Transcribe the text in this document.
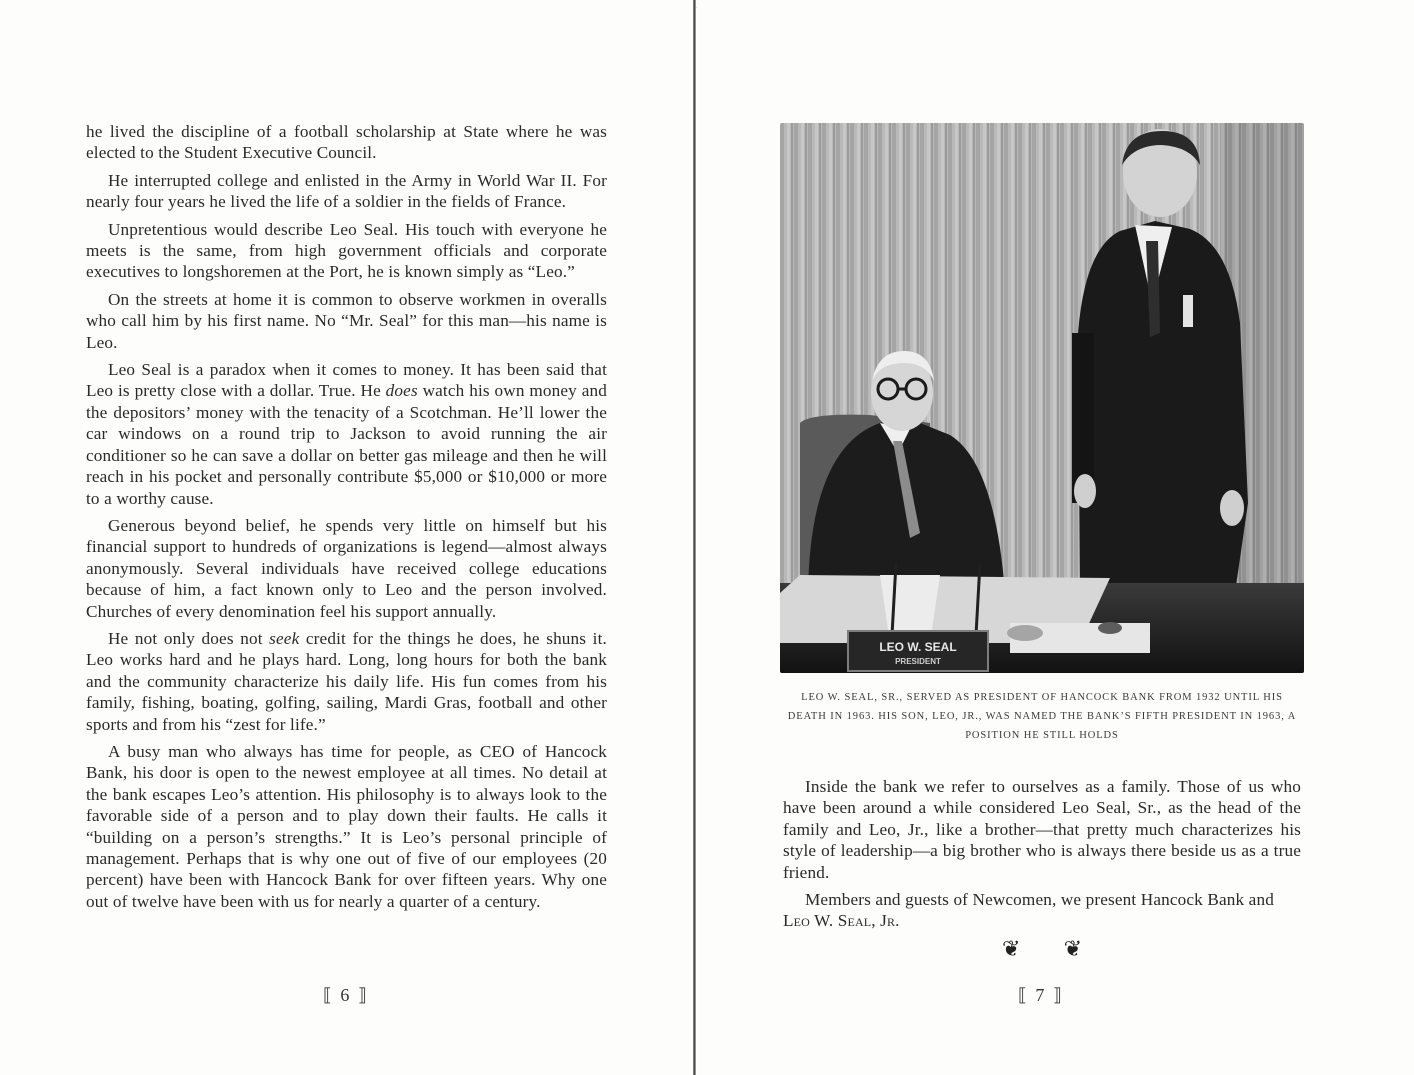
he lived the discipline of a football scholarship at State where he was elected to the Student Executive Council.

He interrupted college and enlisted in the Army in World War II. For nearly four years he lived the life of a soldier in the fields of France.

Unpretentious would describe Leo Seal. His touch with everyone he meets is the same, from high government officials and corporate executives to longshoremen at the Port, he is known simply as “Leo.”

On the streets at home it is common to observe workmen in overalls who call him by his first name. No “Mr. Seal” for this man—his name is Leo.

Leo Seal is a paradox when it comes to money. It has been said that Leo is pretty close with a dollar. True. He does watch his own money and the depositors’ money with the tenacity of a Scotchman. He’ll lower the car windows on a round trip to Jackson to avoid running the air conditioner so he can save a dollar on better gas mileage and then he will reach in his pocket and personally contribute $5,000 or $10,000 or more to a worthy cause.

Generous beyond belief, he spends very little on himself but his financial support to hundreds of organizations is legend—almost always anonymously. Several individuals have received college educations because of him, a fact known only to Leo and the person involved. Churches of every denomination feel his support annually.

He not only does not seek credit for the things he does, he shuns it. Leo works hard and he plays hard. Long, long hours for both the bank and the community characterize his daily life. His fun comes from his family, fishing, boating, golfing, sailing, Mardi Gras, football and other sports and from his “zest for life.”

A busy man who always has time for people, as CEO of Hancock Bank, his door is open to the newest employee at all times. No detail at the bank escapes Leo’s attention. His philosophy is to always look to the favorable side of a person and to play down their faults. He calls it “building on a person’s strengths.” It is Leo’s personal principle of management. Perhaps that is why one out of five of our employees (20 percent) have been with Hancock Bank for over fifteen years. Why one out of twelve have been with us for nearly a quarter of a century.

⟦ 6 ⟧
LEO W. SEAL
PRESIDENT
LEO W. SEAL, SR., SERVED AS PRESIDENT OF HANCOCK BANK FROM 1932 UNTIL HIS DEATH IN 1963. HIS SON, LEO, JR., WAS NAMED THE BANK’S FIFTH PRESIDENT IN 1963, A POSITION HE STILL HOLDS

Inside the bank we refer to ourselves as a family. Those of us who have been around a while considered Leo Seal, Sr., as the head of the family and Leo, Jr., like a brother—that pretty much characterizes his style of leadership—a big brother who is always there beside us as a true friend.

Members and guests of Newcomen, we present Hancock Bank and Leo W. Seal, Jr.

❦ ❦
⟦ 7 ⟧
